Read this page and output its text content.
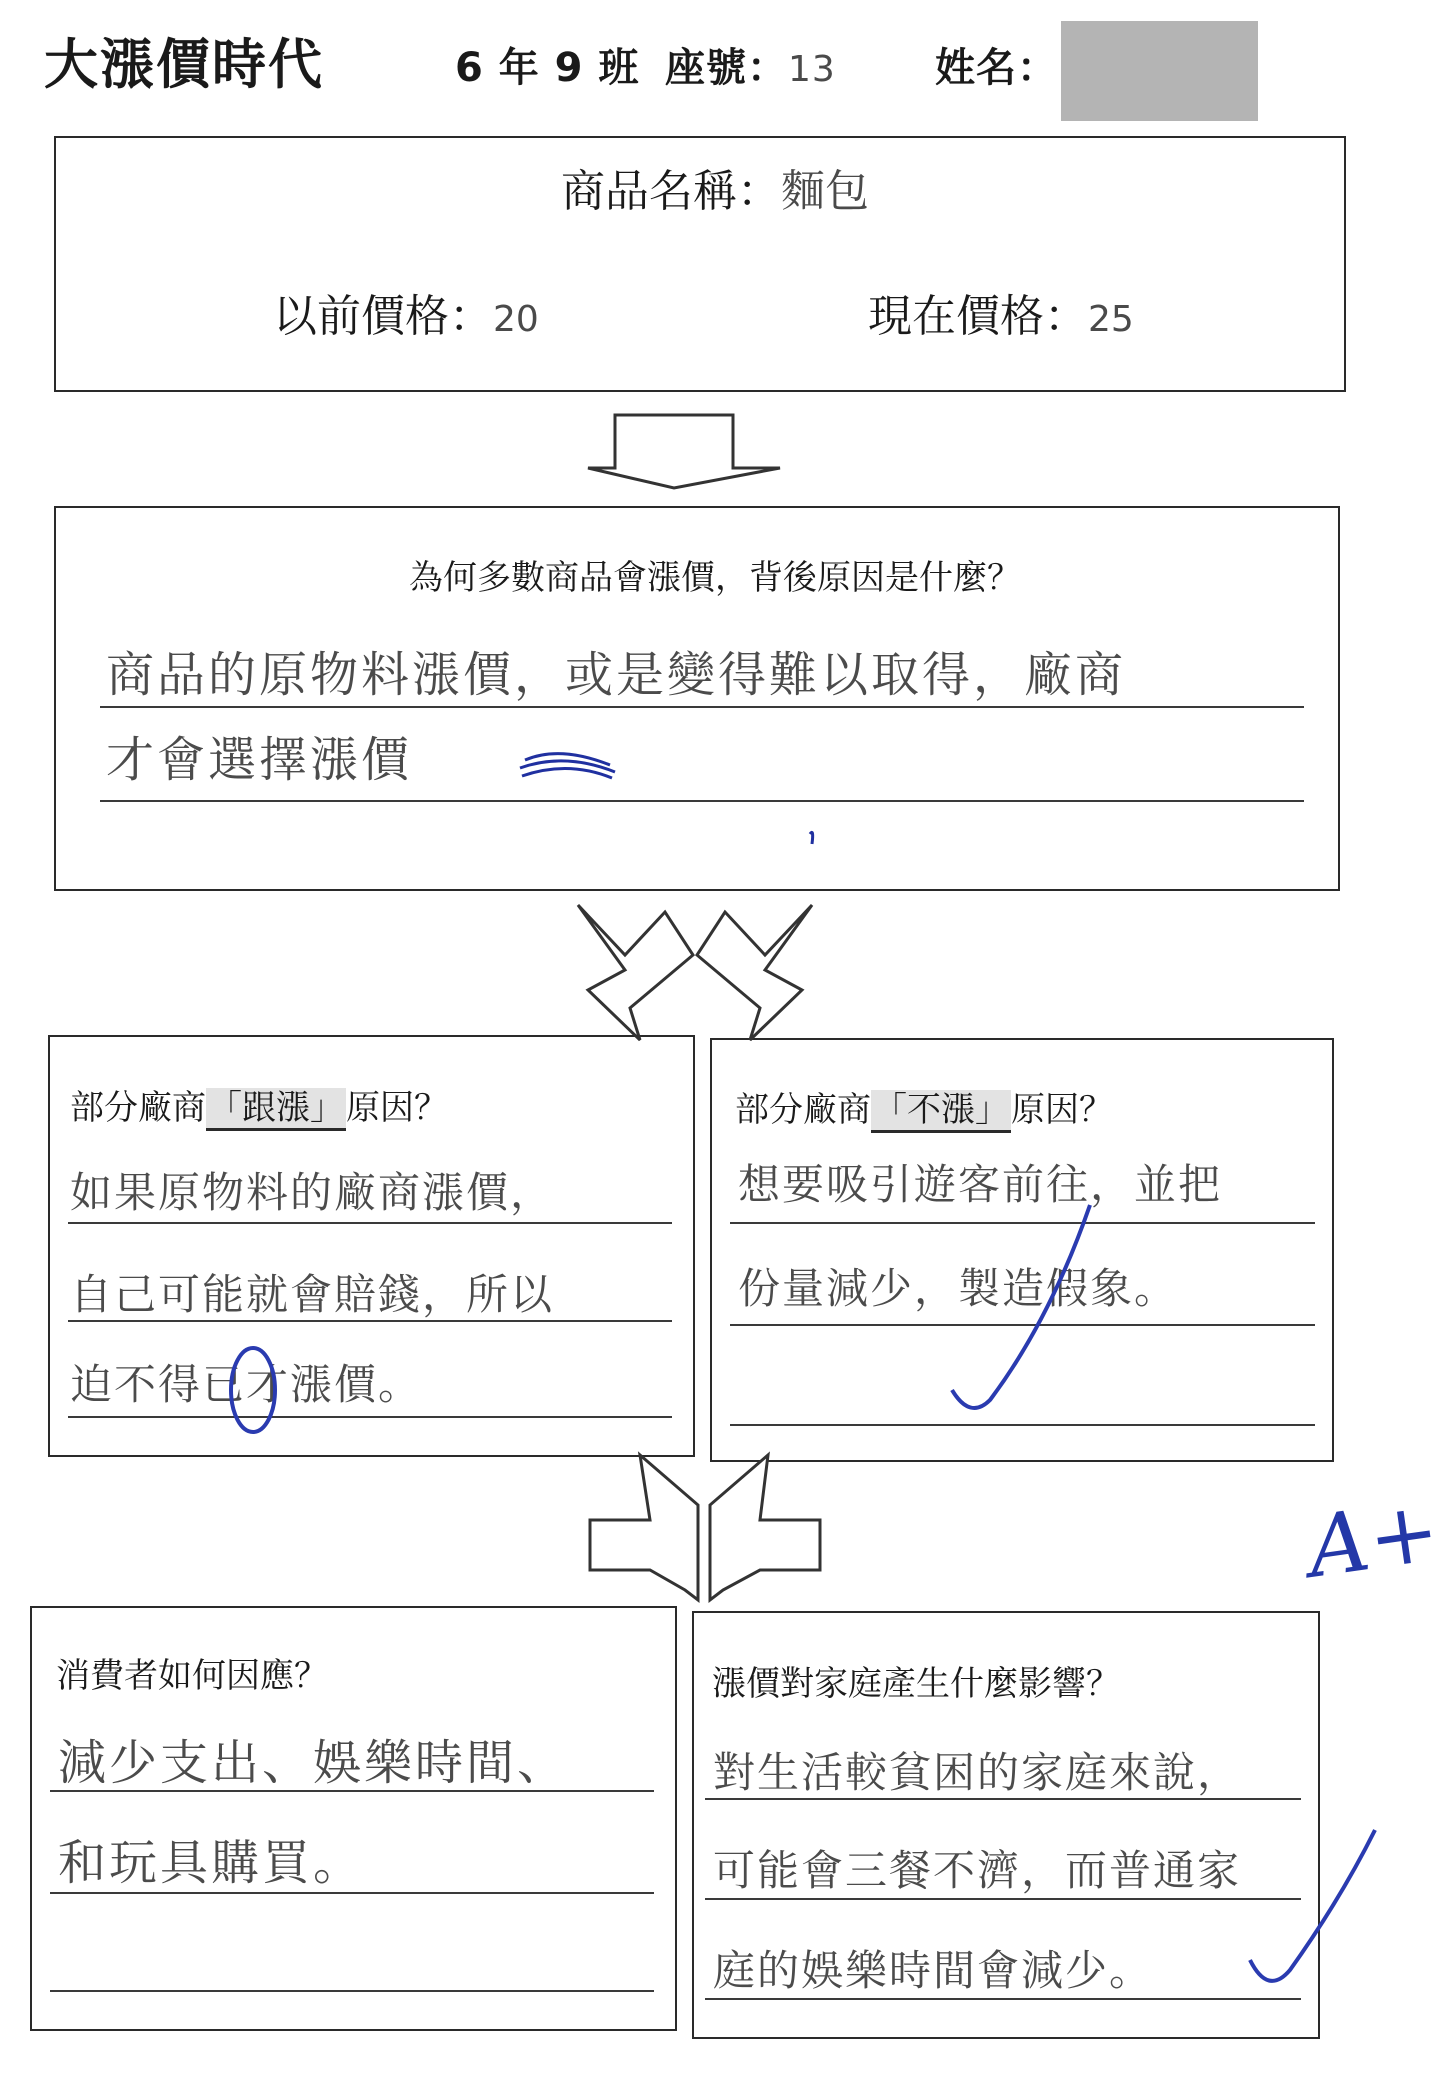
大漲價時代	6 年 9 班 座號：13 姓名：
商品名稱：麵包
以前價格：20	現在價格：25
為何多數商品會漲價，背後原因是什麼？
商品的原物料漲價，或是變得難以取得，廠商
才會選擇漲價
部分廠商「跟漲」原因？
如果原物料的廠商漲價，
自己可能就會賠錢，所以
迫不得已才漲價。
部分廠商「不漲」原因？
想要吸引遊客前往，並把
份量減少，製造假象。
消費者如何因應？
減少支出、娛樂時間、
和玩具購買。
漲價對家庭產生什麼影響？
對生活較貧困的家庭來說，
可能會三餐不濟，而普通家
庭的娛樂時間會減少。
A+
